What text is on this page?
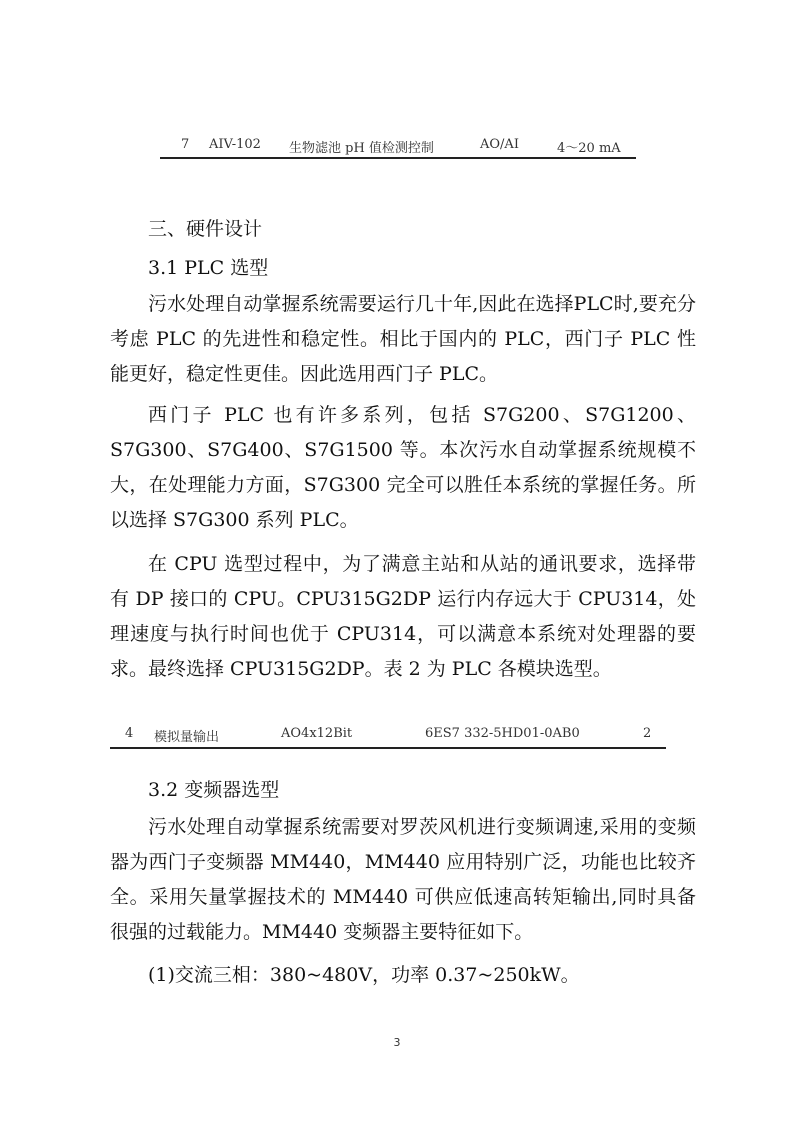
7 AIV-102 生物滤池 pH 值检测控制	AO/AI	4～20 mA
三、硬件设计
3.1 PLC 选型

污水处理自动掌握系统需要运行几十年,因此在选择PLC时,要充分考虑 PLC 的先进性和稳定性。相比于国内的 PLC，西门子 PLC 性能更好，稳定性更佳。因此选用西门子 PLC。

西门子 PLC 也有许多系列，包括 S7G200、S7G1200、S7G300、S7G400、S7G1500 等。本次污水自动掌握系统规模不大，在处理能力方面，S7G300 完全可以胜任本系统的掌握任务。所以选择 S7G300 系列 PLC。

在 CPU 选型过程中，为了满意主站和从站的通讯要求，选择带有 DP 接口的 CPU。CPU315G2DP 运行内存远大于 CPU314，处理速度与执行时间也优于 CPU314，可以满意本系统对处理器的要求。最终选择 CPU315G2DP。表 2 为 PLC 各模块选型。

4 模拟量输出	AO4x12Bit	6ES7 332-5HD01-0AB0	2
3.2 变频器选型

污水处理自动掌握系统需要对罗茨风机进行变频调速,采用的变频器为西门子变频器 MM440，MM440 应用特别广泛，功能也比较齐全。采用矢量掌握技术的 MM440 可供应低速高转矩输出,同时具备很强的过载能力。MM440 变频器主要特征如下。

(1)交流三相：380~480V，功率 0.37~250kW。

3
